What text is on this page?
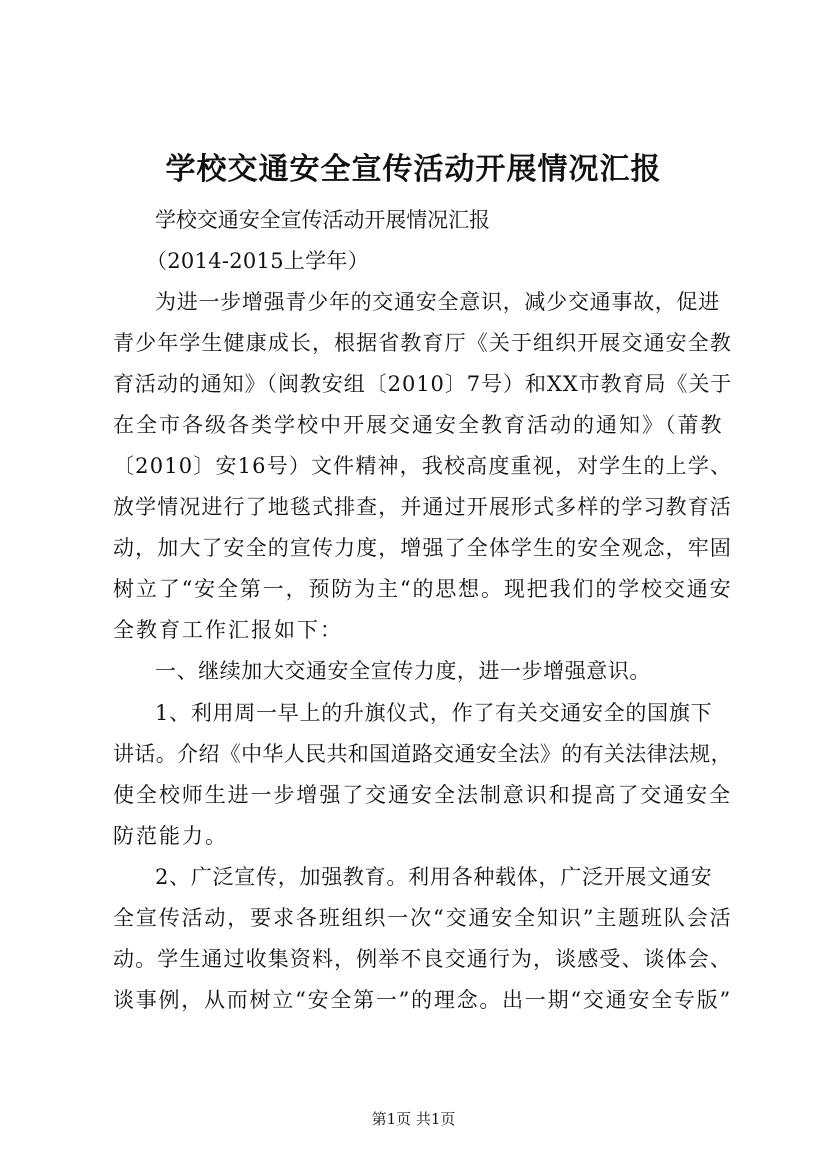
学校交通安全宣传活动开展情况汇报
学校交通安全宣传活动开展情况汇报
（2014-2015上学年）
为进一步增强青少年的交通安全意识，减少交通事故，促进
青少年学生健康成长，根据省教育厅《关于组织开展交通安全教
育活动的通知》（闽教安组〔2010〕7号）和XX市教育局《关于
在全市各级各类学校中开展交通安全教育活动的通知》（莆教
〔2010〕安16号）文件精神，我校高度重视，对学生的上学、
放学情况进行了地毯式排查，并通过开展形式多样的学习教育活
动，加大了安全的宣传力度，增强了全体学生的安全观念，牢固
树立了“安全第一，预防为主“的思想。现把我们的学校交通安
全教育工作汇报如下：
一、继续加大交通安全宣传力度，进一步增强意识。
1、利用周一早上的升旗仪式，作了有关交通安全的国旗下
讲话。介绍《中华人民共和国道路交通安全法》的有关法律法规，
使全校师生进一步增强了交通安全法制意识和提高了交通安全
防范能力。
2、广泛宣传，加强教育。利用各种载体，广泛开展文通安
全宣传活动，要求各班组织一次“交通安全知识”主题班队会活
动。学生通过收集资料，例举不良交通行为，谈感受、谈体会、
谈事例，从而树立“安全第一”的理念。出一期“交通安全专版”
第1页 共1页
